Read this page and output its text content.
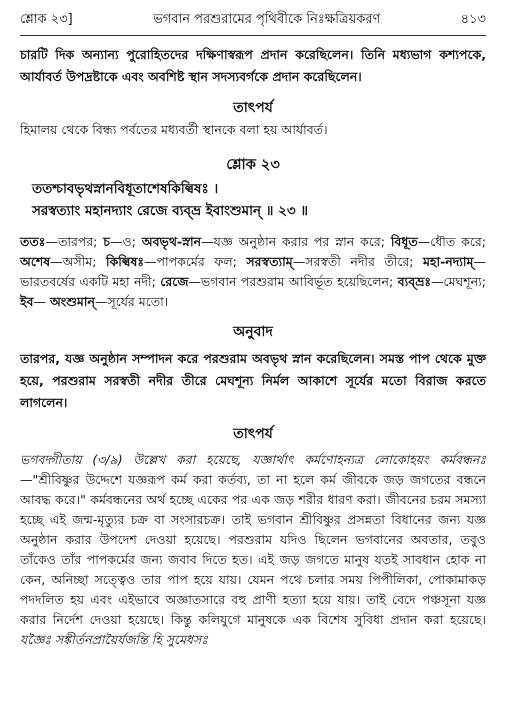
শ্লোক ২৩]	ভগবান পরশুরামের পৃথিবীকে নিঃক্ষত্রিয়করণ	৪১৩

চারটি দিক অন্যান্য পুরোহিতদের দক্ষিণাস্বরূপ প্রদান করেছিলেন। তিনি মধ্যভাগ কশ্যপকে, আর্যাবর্ত উপদ্রষ্টাকে এবং অবশিষ্ট স্থান সদস্যবর্গকে প্রদান করেছিলেন।

তাৎপর্য

হিমালয় থেকে বিন্ধ্য পর্বতের মধ্যবর্তী স্থানকে বলা হয় আর্যাবর্ত।

শ্লোক ২৩
ততশ্চাবভৃথস্নানবিধূতাশেষকিল্বিষঃ ।
সরস্বত্যাং মহানদ্যাং রেজে ব্যব্ভ্র ইবাংশুমান্ ॥ ২৩ ॥

ততঃ—তারপর; চ—ও; অবভৃথ-স্নান—যজ্ঞ অনুষ্ঠান করার পর স্নান করে; বিধূত—ধৌত করে; অশেষ—অসীম; কিল্বিষঃ—পাপকর্মের ফল; সরস্বত্যাম্—সরস্বতী নদীর তীরে; মহা-নদ্যাম্—ভারতবর্ষের একটি মহা নদী; রেজে—ভগবান পরশুরাম আবির্ভূত হয়েছিলেন; ব্যব্ভ্রঃ—মেঘশূন্য; ইব— অংশুমান্—সূর্যের মতো।

অনুবাদ

তারপর, যজ্ঞ অনুষ্ঠান সম্পাদন করে পরশুরাম অবভৃথ স্নান করেছিলেন। সমস্ত পাপ থেকে মুক্ত হয়ে, পরশুরাম সরস্বতী নদীর তীরে মেঘশূন্য নির্মল আকাশে সূর্যের মতো বিরাজ করতে লাগলেন।

তাৎপর্য

ভগবদ্গীতায় (৩/৯) উল্লেখ করা হয়েছে, যজ্ঞার্থাৎ কর্মণোহন্যত্র লোকোহয়ং কর্মবন্ধনঃ—"শ্রীবিষ্ণুর উদ্দেশে যজ্ঞরূপ কর্ম করা কর্তব্য, তা না হলে কর্ম জীবকে জড় জগতের বন্ধনে আবদ্ধ করে।" কর্মবন্ধনের অর্থ হচ্ছে একের পর এক জড় শরীর ধারণ করা। জীবনের চরম সমস্যা হচ্ছে এই জন্ম-মৃত্যুর চক্র বা সংসারচক্র। তাই ভগবান শ্রীবিষ্ণুর প্রসন্নতা বিধানের জন্য যজ্ঞ অনুষ্ঠান করার উপদেশ দেওয়া হয়েছে। পরশুরাম যদিও ছিলেন ভগবানের অবতার, তবুও তাঁকেও তাঁর পাপকর্মের জন্য জবাব দিতে হত। এই জড় জগতে মানুষ যতই সাবধান হোক না কেন, অনিচ্ছা সত্ত্বেও তার পাপ হয়ে যায়। যেমন পথে চলার সময় পিপীলিকা, পোকামাকড় পদদলিত হয় এবং এইভাবে অজ্ঞাতসারে বহু প্রাণী হত্যা হয়ে যায়। তাই বেদে পঞ্চসূনা যজ্ঞ করার নির্দেশ দেওয়া হয়েছে। কিন্তু কলিযুগে মানুষকে এক বিশেষ সুবিধা প্রদান করা হয়েছে। যজ্ঞৈঃ সঙ্কীর্তনপ্রায়ৈর্যজন্তি হি সুমেধসঃ
